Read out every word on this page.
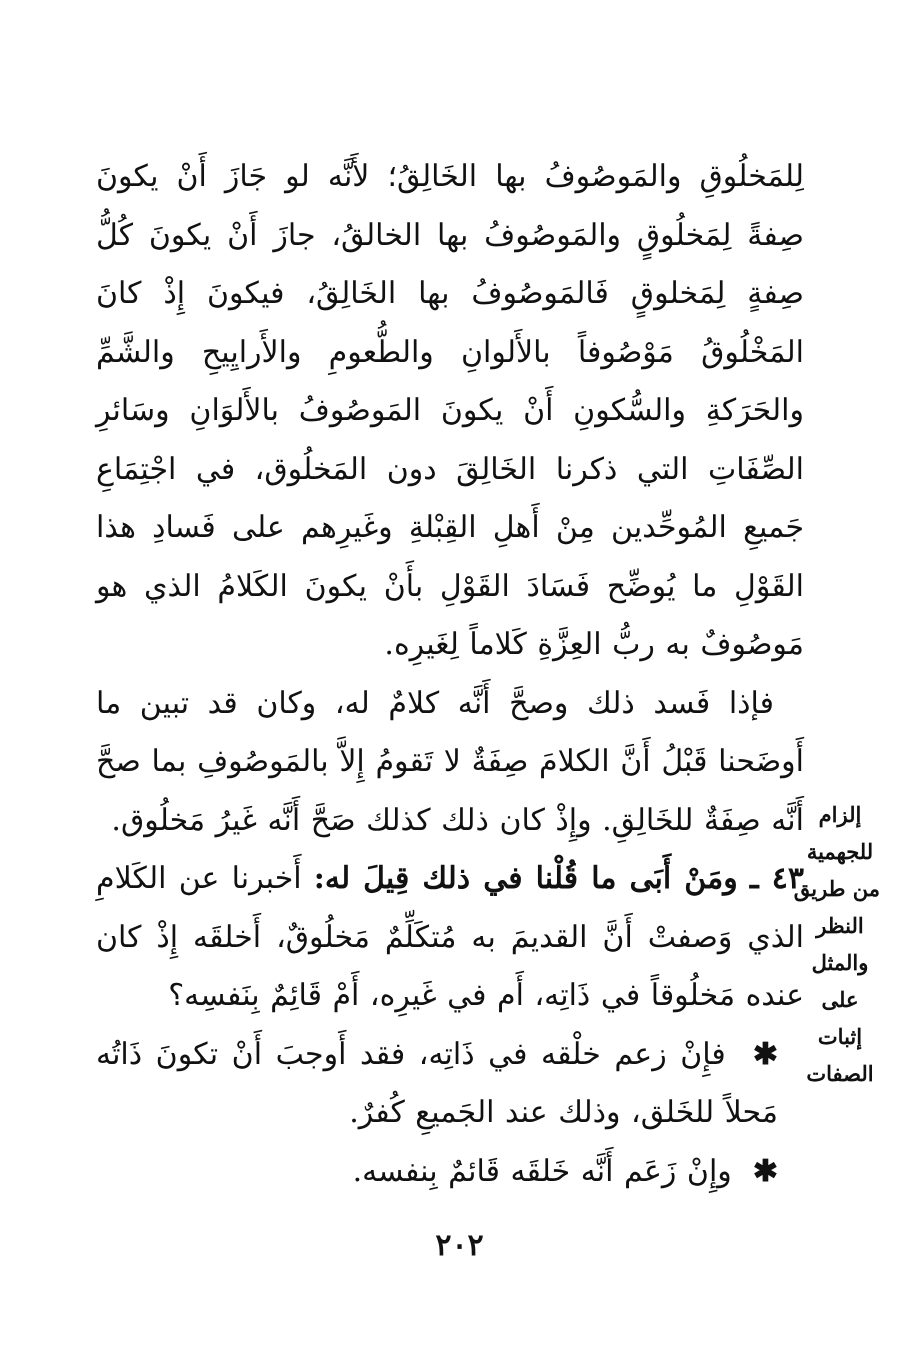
لِلمَخلُوقِ والمَوصُوفُ بها الخَالِقُ؛ لأَنَّه لو جَازَ أَنْ يكونَ صِفةً لِمَخلُوقٍ والمَوصُوفُ بها الخالقُ، جازَ أَنْ يكونَ كُلُّ صِفةٍ لِمَخلوقٍ فَالمَوصُوفُ بها الخَالِقُ، فيكونَ إِذْ كانَ المَخْلُوقُ مَوْصُوفاً بالأَلوانِ والطُّعومِ والأَرايِيحِ والشَّمِّ والحَرَكةِ والسُّكونِ أَنْ يكونَ المَوصُوفُ بالأَلوَانِ وسَائرِ الصِّفَاتِ التي ذكرنا الخَالِقَ دون المَخلُوق، في اجْتِمَاعِ جَميعِ المُوحِّدين مِنْ أَهلِ القِبْلةِ وغَيرِهم على فَسادِ هذا القَوْلِ ما يُوضِّح فَسَادَ القَوْلِ بأَنْ يكونَ الكَلامُ الذي هو مَوصُوفٌ به ربُّ العِزَّةِ كَلاماً لِغَيرِه.

فإذا فَسد ذلك وصحَّ أَنَّه كلامٌ له، وكان قد تبين ما أَوضَحنا قَبْلُ أَنَّ الكلامَ صِفَةٌ لا تَقومُ إِلاَّ بالمَوصُوفِ بما صحَّ أَنَّه صِفَةٌ للخَالِقِ. وإِذْ كان ذلك كذلك صَحَّ أَنَّه غَيرُ مَخلُوق.

٤٣ ـ ومَنْ أَبَى ما قُلْنا في ذلك قِيلَ له: أَخبرنا عن الكَلامِ الذي وَصفتْ أَنَّ القديمَ به مُتكَلِّمٌ مَخلُوقٌ، أَخلقَه إِذْ كان عنده مَخلُوقاً في ذَاتِه، أَم في غَيرِه، أَمْ قَائِمٌ بِنَفسِه؟

✱  فإِنْ زعم خلْقه في ذَاتِه، فقد أَوجبَ أَنْ تكونَ ذَاتُه مَحلاً للخَلق، وذلك عند الجَميعِ كُفرٌ.

✱  وإِنْ زَعَم أَنَّه خَلقَه قَائمٌ بِنفسه.

إلزام
للجهمية
من طريق
النظر
والمثل
على
إثبات
الصفات
٢٠٢
